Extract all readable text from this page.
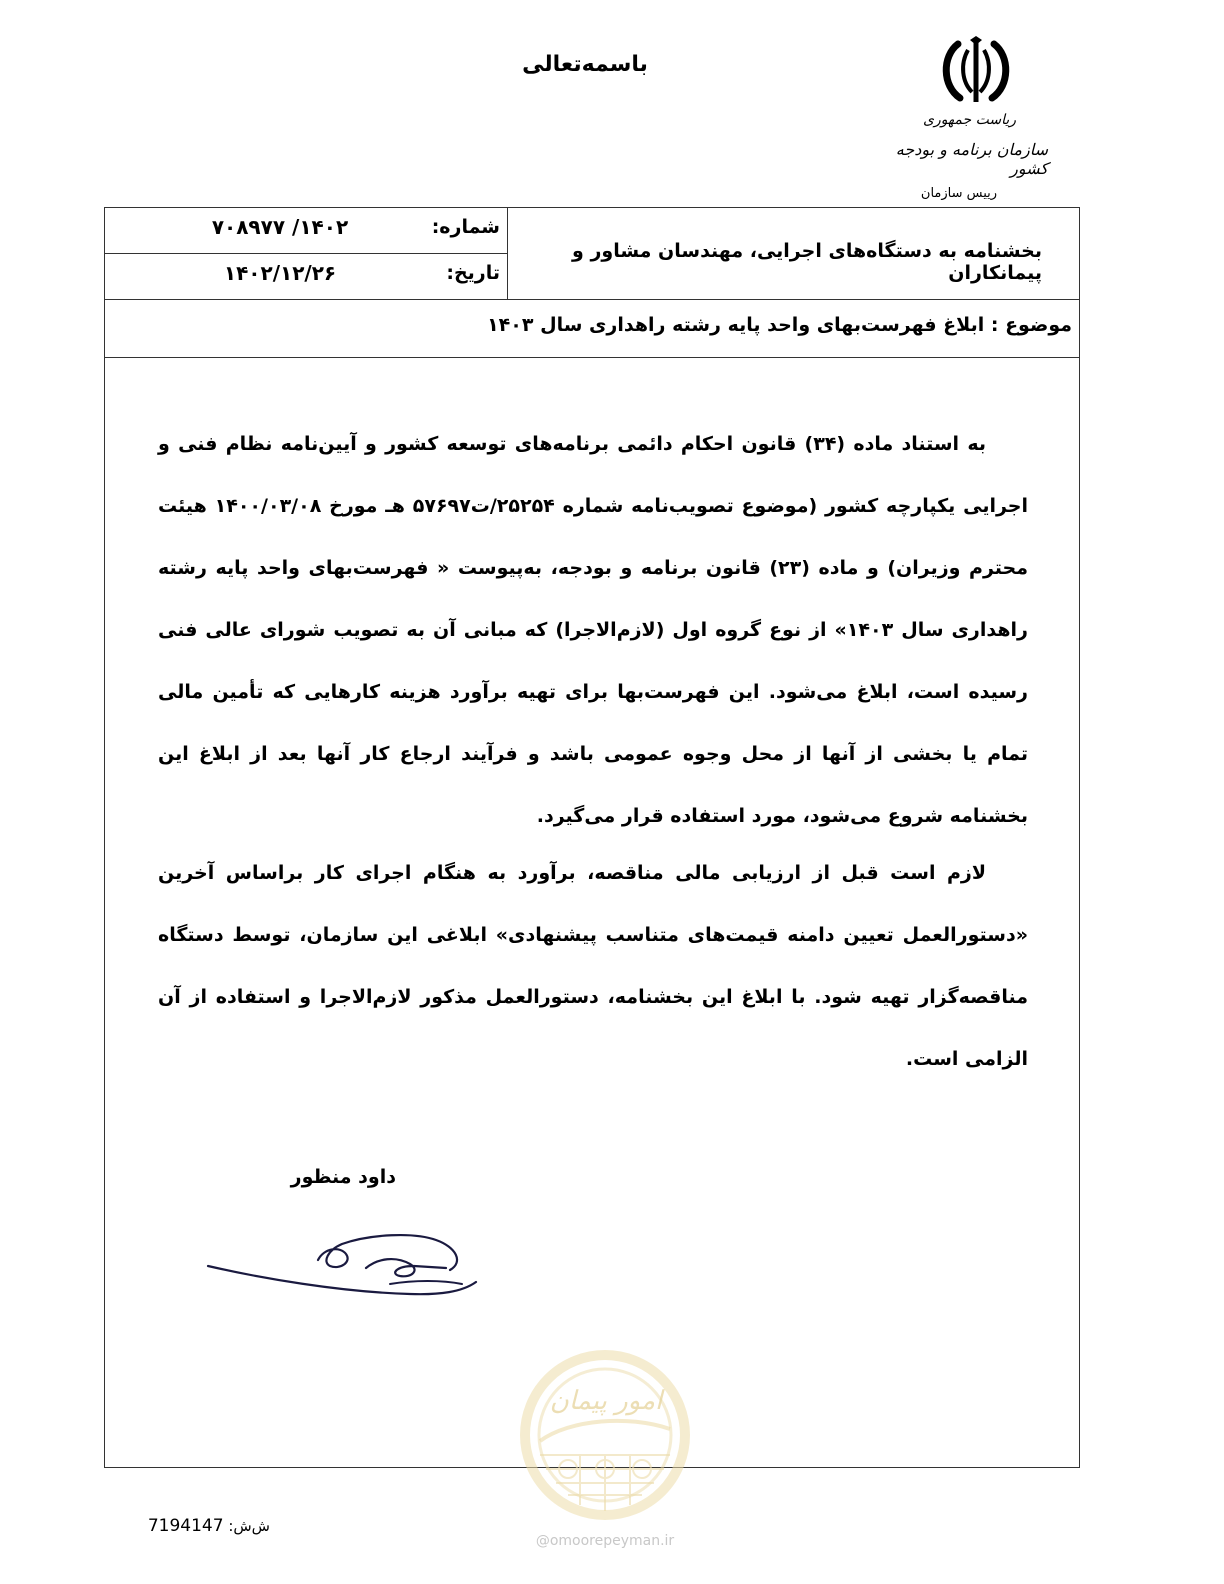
باسمه‌تعالی
ریاست جمهوری
سازمان برنامه و بودجه کشور
رییس سازمان
شماره:
۱۴۰۲/ ۷۰۸۹۷۷
تاریخ:
۱۴۰۲/۱۲/۲۶
بخشنامه به دستگاه‌های اجرایی، مهندسان مشاور و پیمانکاران
موضوع : ابلاغ فهرست‌بهای واحد پایه رشته راهداری سال ۱۴۰۳

به استناد ماده (۳۴) قانون احکام دائمی برنامه‌های توسعه کشور و آیین‌نامه نظام فنی و اجرایی یکپارچه کشور (موضوع تصویب‌نامه شماره ۲۵۲۵۴/ت۵۷۶۹۷ هـ مورخ ۱۴۰۰/۰۳/۰۸ هیئت محترم وزیران) و ماده (۲۳) قانون برنامه و بودجه، به‌پیوست « فهرست‌بهای واحد پایه رشته راهداری سال ۱۴۰۳» از نوع گروه اول (لازم‌الاجرا) که مبانی آن به تصویب شورای عالی فنی رسیده است، ابلاغ می‌شود. این فهرست‌بها برای تهیه برآورد هزینه کارهایی که تأمین مالی تمام یا بخشی از آنها از محل وجوه عمومی باشد و فرآیند ارجاع کار آنها بعد از ابلاغ این بخشنامه شروع می‌شود، مورد استفاده قرار می‌گیرد.

لازم است قبل از ارزیابی مالی مناقصه، برآورد به هنگام اجرای کار براساس آخرین «دستورالعمل تعیین دامنه قیمت‌های متناسب پیشنهادی» ابلاغی این سازمان، توسط دستگاه مناقصه‌گزار تهیه شود. با ابلاغ این بخشنامه، دستورالعمل مذکور لازم‌الاجرا و استفاده از آن الزامی است.

داود منظور
امور پیمان
@omoorepeyman.ir
ش‌ش: 7194147
